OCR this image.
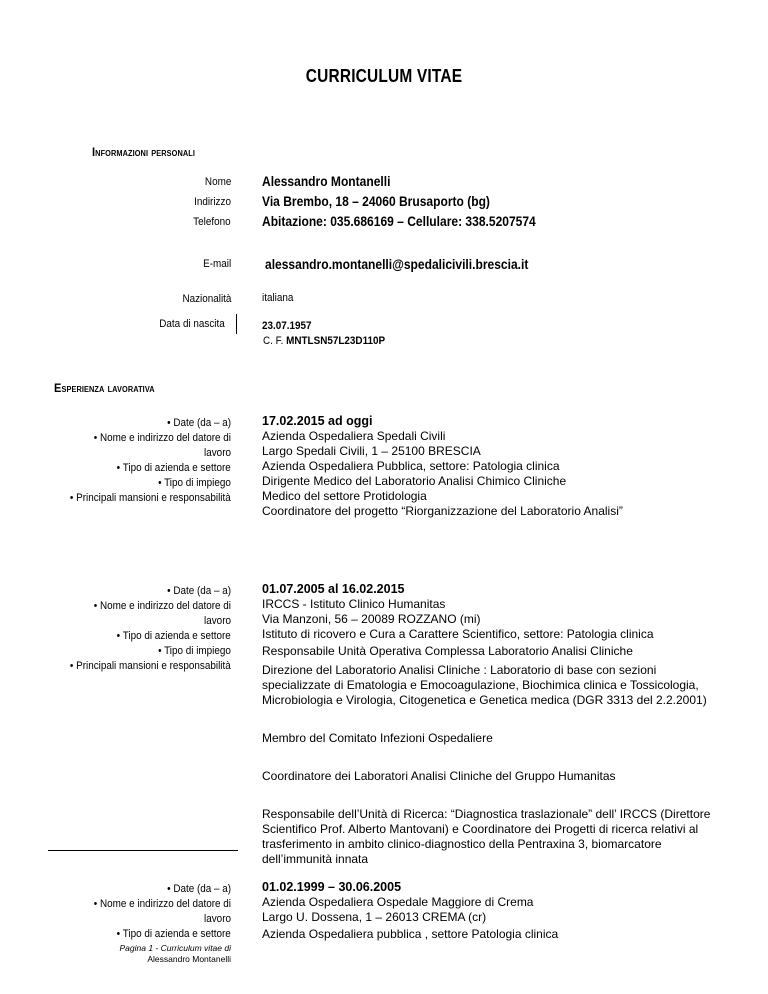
CURRICULUM VITAE
Informazioni personali
Nome Alessandro Montanelli
Indirizzo Via Brembo, 18 – 24060 Brusaporto (bg)
Telefono Abitazione: 035.686169 – Cellulare: 338.5207574
E-mail alessandro.montanelli@spedalicivili.brescia.it
Nazionalità	italiana
Data di nascita	23.07.1957
C. F. MNTLSN57L23D110P
Esperienza lavorativa
• Date (da – a)
• Nome e indirizzo del datore di lavoro
• Tipo di azienda e settore
• Tipo di impiego
• Principali mansioni e responsabilità
17.02.2015 ad oggi
Azienda Ospedaliera Spedali Civili
Largo Spedali Civili, 1 – 25100 BRESCIA
Azienda Ospedaliera Pubblica, settore: Patologia clinica
Dirigente Medico del Laboratorio Analisi Chimico Cliniche
Medico del settore Protidologia
Coordinatore del progetto “Riorganizzazione del Laboratorio Analisi”
• Date (da – a)
• Nome e indirizzo del datore di lavoro
• Tipo di azienda e settore
• Tipo di impiego
• Principali mansioni e responsabilità
01.07.2005 al 16.02.2015
IRCCS - Istituto Clinico Humanitas
Via Manzoni, 56 – 20089 ROZZANO (mi)
Istituto di ricovero e Cura a Carattere Scientifico, settore: Patologia clinica
Responsabile Unità Operativa Complessa Laboratorio Analisi Cliniche
Direzione del Laboratorio Analisi Cliniche : Laboratorio di base con sezioni specializzate di Ematologia e Emocoagulazione, Biochimica clinica e Tossicologia, Microbiologia e Virologia, Citogenetica e Genetica medica (DGR 3313 del 2.2.2001)
Membro del Comitato Infezioni Ospedaliere
Coordinatore dei Laboratori Analisi Cliniche del Gruppo Humanitas
Responsabile dell’Unità di Ricerca: “Diagnostica traslazionale” dell’ IRCCS (Direttore Scientifico Prof. Alberto Mantovani) e Coordinatore dei Progetti di ricerca relativi al trasferimento in ambito clinico-diagnostico della Pentraxina 3, biomarcatore dell’immunità innata
• Date (da – a)
• Nome e indirizzo del datore di lavoro
• Tipo di azienda e settore
01.02.1999 – 30.06.2005
Azienda Ospedaliera Ospedale Maggiore di Crema
Largo U. Dossena, 1 – 26013 CREMA (cr)
Azienda Ospedaliera pubblica , settore Patologia clinica
Pagina 1 - Curriculum vitae di
Alessandro Montanelli
